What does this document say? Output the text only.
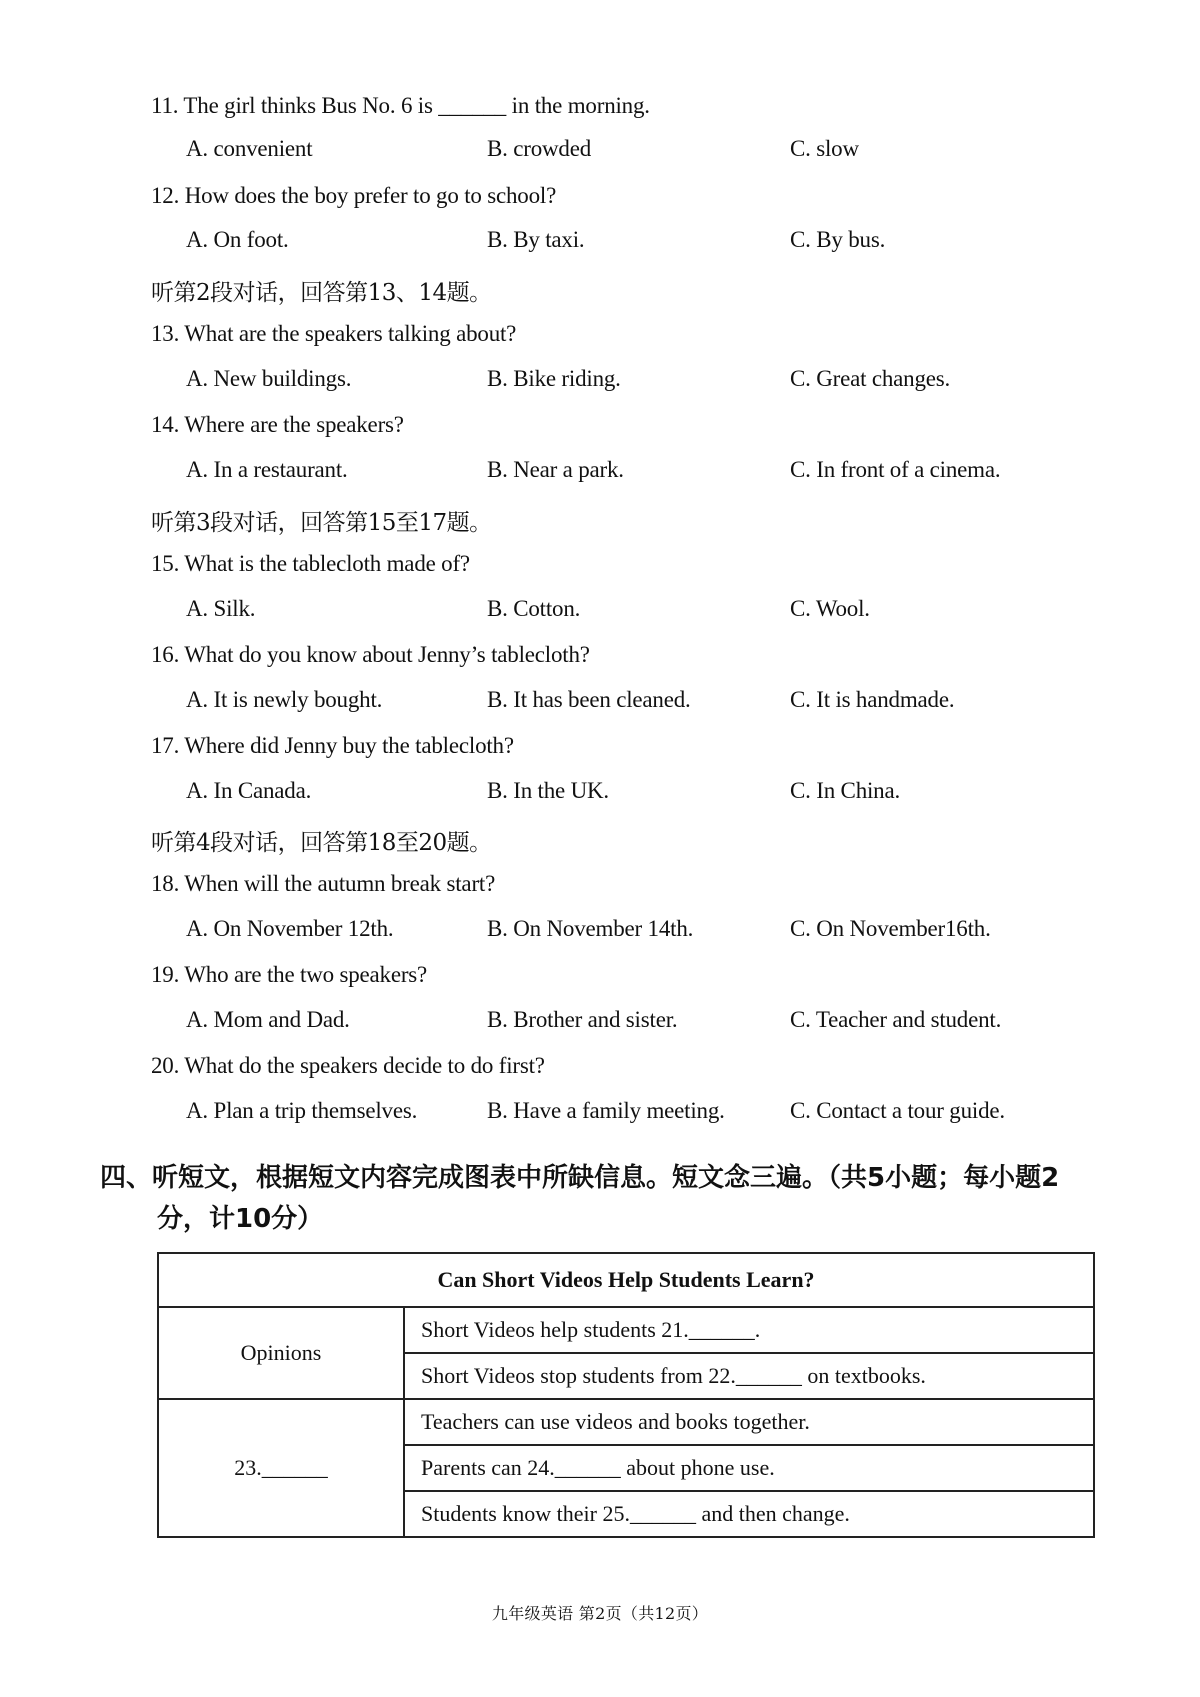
11. The girl thinks Bus No. 6 is ______ in the morning.
A. convenient	B. crowded	C. slow
12. How does the boy prefer to go to school?
A. On foot.	B. By taxi.	C. By bus.
听第2段对话，回答第13、14题。
13. What are the speakers talking about?
A. New buildings.	B. Bike riding.	C. Great changes.
14. Where are the speakers?
A. In a restaurant.	B. Near a park.	C. In front of a cinema.
听第3段对话，回答第15至17题。
15. What is the tablecloth made of?
A. Silk.	B. Cotton.	C. Wool.
16. What do you know about Jenny’s tablecloth?
A. It is newly bought.	B. It has been cleaned.	C. It is handmade.
17. Where did Jenny buy the tablecloth?
A. In Canada.	B. In the UK.	C. In China.
听第4段对话，回答第18至20题。
18. When will the autumn break start?
A. On November 12th.	B. On November 14th.	C. On November16th.
19. Who are the two speakers?
A. Mom and Dad.	B. Brother and sister.	C. Teacher and student.
20. What do the speakers decide to do first?
A. Plan a trip themselves.	B. Have a family meeting.	C. Contact a tour guide.
四、听短文，根据短文内容完成图表中所缺信息。短文念三遍。（共5小题；每小题2
分，计10分）
Can Short Videos Help Students Learn?	
Opinions	Short Videos help students 21.______.
	Short Videos stop students from 22.______ on textbooks.
23.______	Teachers can use videos and books together.
	Parents can 24.______ about phone use.
	Students know their 25.______ and then change.
九年级英语 第2页（共12页）
